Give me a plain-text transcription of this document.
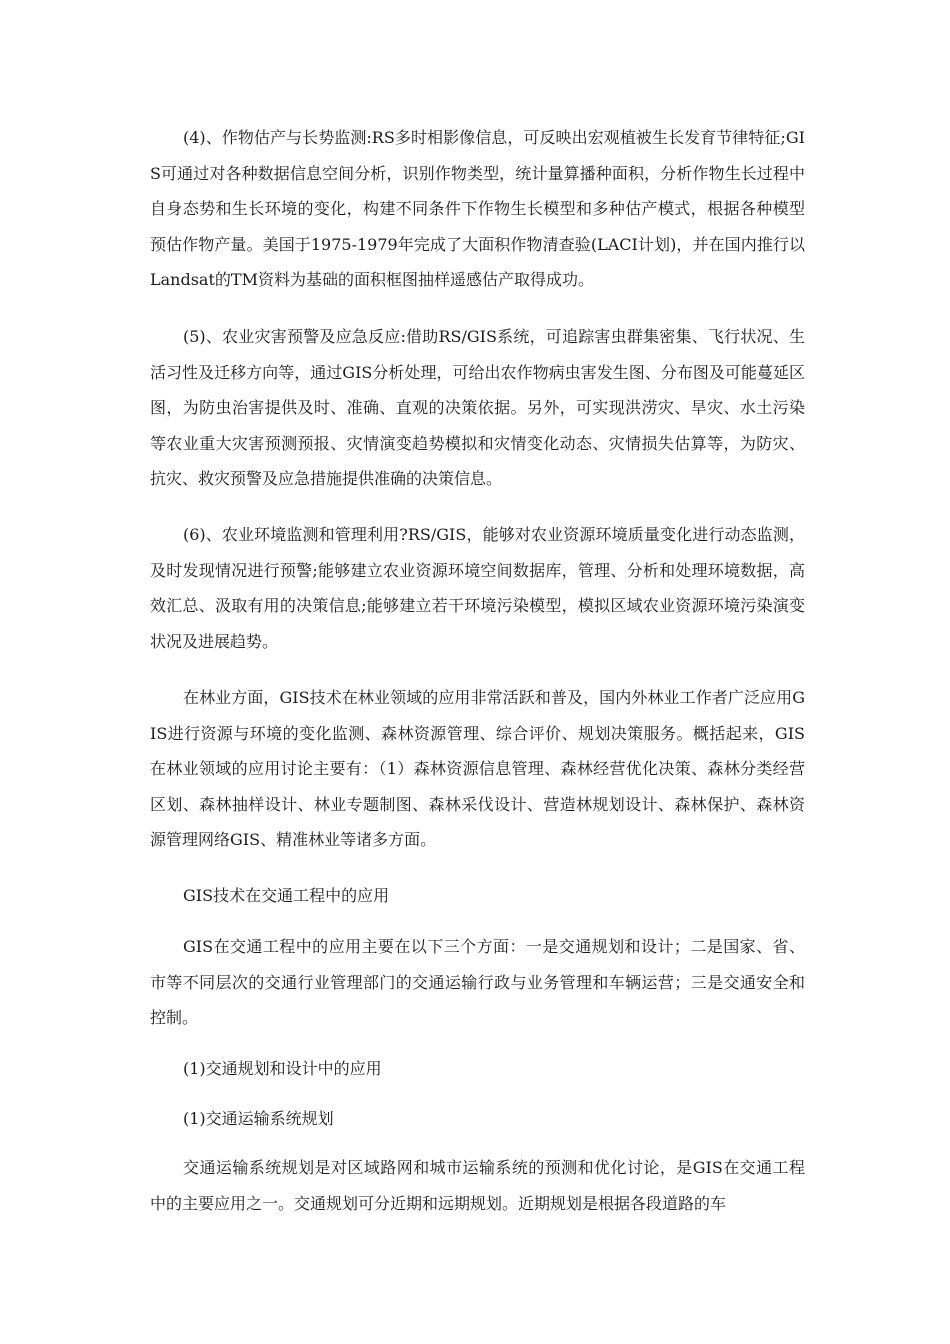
(4)、作物估产与长势监测:RS多时相影像信息，可反映出宏观植被生长发育节律特征;GIS可通过对各种数据信息空间分析，识别作物类型，统计量算播种面积，分析作物生长过程中自身态势和生长环境的变化，构建不同条件下作物生长模型和多种估产模式，根据各种模型预估作物产量。美国于1975-1979年完成了大面积作物清查验(LACI计划)，并在国内推行以Landsat的TM资料为基础的面积框图抽样遥感估产取得成功。

(5)、农业灾害预警及应急反应:借助RS/GIS系统，可追踪害虫群集密集、飞行状况、生活习性及迁移方向等，通过GIS分析处理，可给出农作物病虫害发生图、分布图及可能蔓延区图，为防虫治害提供及时、准确、直观的决策依据。另外，可实现洪涝灾、旱灾、水土污染等农业重大灾害预测预报、灾情演变趋势模拟和灾情变化动态、灾情损失估算等，为防灾、抗灾、救灾预警及应急措施提供准确的决策信息。

(6)、农业环境监测和管理利用?RS/GIS，能够对农业资源环境质量变化进行动态监测，及时发现情况进行预警;能够建立农业资源环境空间数据库，管理、分析和处理环境数据，高效汇总、汲取有用的决策信息;能够建立若干环境污染模型，模拟区域农业资源环境污染演变状况及进展趋势。

在林业方面，GIS技术在林业领域的应用非常活跃和普及，国内外林业工作者广泛应用GIS进行资源与环境的变化监测、森林资源管理、综合评价、规划决策服务。概括起来，GIS在林业领域的应用讨论主要有：（1）森林资源信息管理、森林经营优化决策、森林分类经营区划、森林抽样设计、林业专题制图、森林采伐设计、营造林规划设计、森林保护、森林资源管理网络GIS、精准林业等诸多方面。

GIS技术在交通工程中的应用

GIS在交通工程中的应用主要在以下三个方面：一是交通规划和设计；二是国家、省、市等不同层次的交通行业管理部门的交通运输行政与业务管理和车辆运营；三是交通安全和控制。

(1)交通规划和设计中的应用

(1)交通运输系统规划

交通运输系统规划是对区域路网和城市运输系统的预测和优化讨论，是GIS在交通工程中的主要应用之一。交通规划可分近期和远期规划。近期规划是根据各段道路的车
